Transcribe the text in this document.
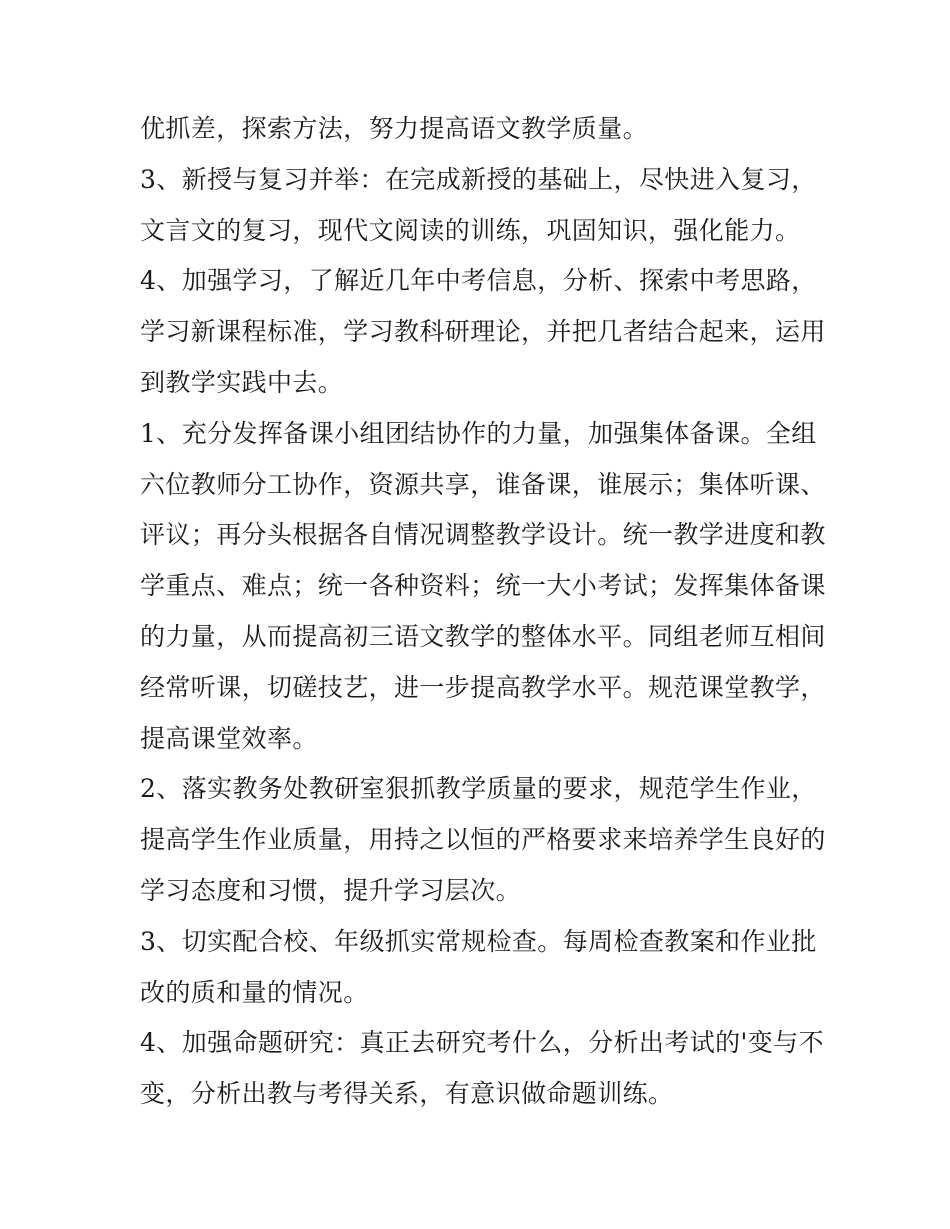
优抓差，探索方法，努力提高语文教学质量。
3、新授与复习并举：在完成新授的基础上，尽快进入复习，
文言文的复习，现代文阅读的训练，巩固知识，强化能力。
4、加强学习，了解近几年中考信息，分析、探索中考思路，
学习新课程标准，学习教科研理论，并把几者结合起来，运用
到教学实践中去。
1、充分发挥备课小组团结协作的力量，加强集体备课。全组
六位教师分工协作，资源共享，谁备课，谁展示；集体听课、
评议；再分头根据各自情况调整教学设计。统一教学进度和教
学重点、难点；统一各种资料；统一大小考试；发挥集体备课
的力量，从而提高初三语文教学的整体水平。同组老师互相间
经常听课，切磋技艺，进一步提高教学水平。规范课堂教学，
提高课堂效率。
2、落实教务处教研室狠抓教学质量的要求，规范学生作业，
提高学生作业质量，用持之以恒的严格要求来培养学生良好的
学习态度和习惯，提升学习层次。
3、切实配合校、年级抓实常规检查。每周检查教案和作业批
改的质和量的情况。
4、加强命题研究：真正去研究考什么，分析出考试的'变与不
变，分析出教与考得关系，有意识做命题训练。
